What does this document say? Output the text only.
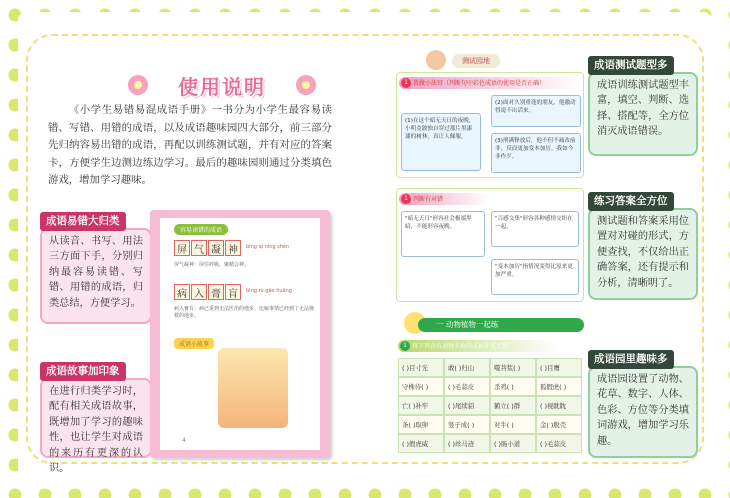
使用说明

《小学生易错易混成语手册》一书分为小学生最容易读错、写错、用错的成语，以及成语趣味园四大部分，前三部分先归纳容易出错的成语，再配以训练测试题，并有对应的答案卡，方便学生边测边练边学习。最后的趣味园则通过分类填色游戏，增加学习趣味。

成语易错大归类
从读音、书写、用法三方面下手，分别归纳最容易读错、写错、用错的成语，归类总结，方便学习。
成语故事加印象
在进行归类学习时，配有相关成语故事，既增加了学习的趣味性，也让学生对成语的来历有更深的认识。
容易读错的成语
屏 气 凝 神	bǐng qì níng shén
屏气凝神：屏住呼吸，聚精会神。
病 入 膏 肓	bìng rù gāo huāng
病入膏肓：病已重到无法医治的地步。比喻事情已经到了无法挽救的地步。
成语小故事
4
测试园地
1 我做小法官（判断句中彩色成语的使用是否正确）
(1)在这个暗无天日的夜晚，小明竟敢独自穿过那片黑漆漆的树林，真让人佩服。
(2)面对久别重逢的朋友，他激动得说不出话来。
(3)刑满释放后，他不但不痛改前非，反而更加变本加厉，我如今非作歹。
1 判断有对错
"暗无天日"形容社会极端黑暗，不能形容夜晚。
"百感交集"形容各种感情交织在一起。
"变本加厉"指情况变得比原来更加严重。
一 动物植物一起练
1 将下列含有动物名称的成语补充完整
( )目寸光	敢( )归山	噬菩浆( )	( )目鹰
守株待( )	( )毛蒜皮	杀鸡( )	狐假虎( )
亡( )补牢	( )尾续貂	鹤立( )群	( )视眈眈
条( )取卵	竖子成( )	对牛( )	金( )脱壳
( )假虎威	( )丝马迹	( )肠小道	( )毛蒜皮
成语测试题型多
成语训练测试题型丰富，填空、判断、选择、搭配等，全方位消灭成语错误。
练习答案全方位
测试题和答案采用位置对对碰的形式，方便查找，不仅给出正确答案，还有提示和分析，清晰明了。
成语园里趣味多
成语园设置了动物、花草、数字、人体、色彩、方位等分类填词游戏，增加学习乐趣。
